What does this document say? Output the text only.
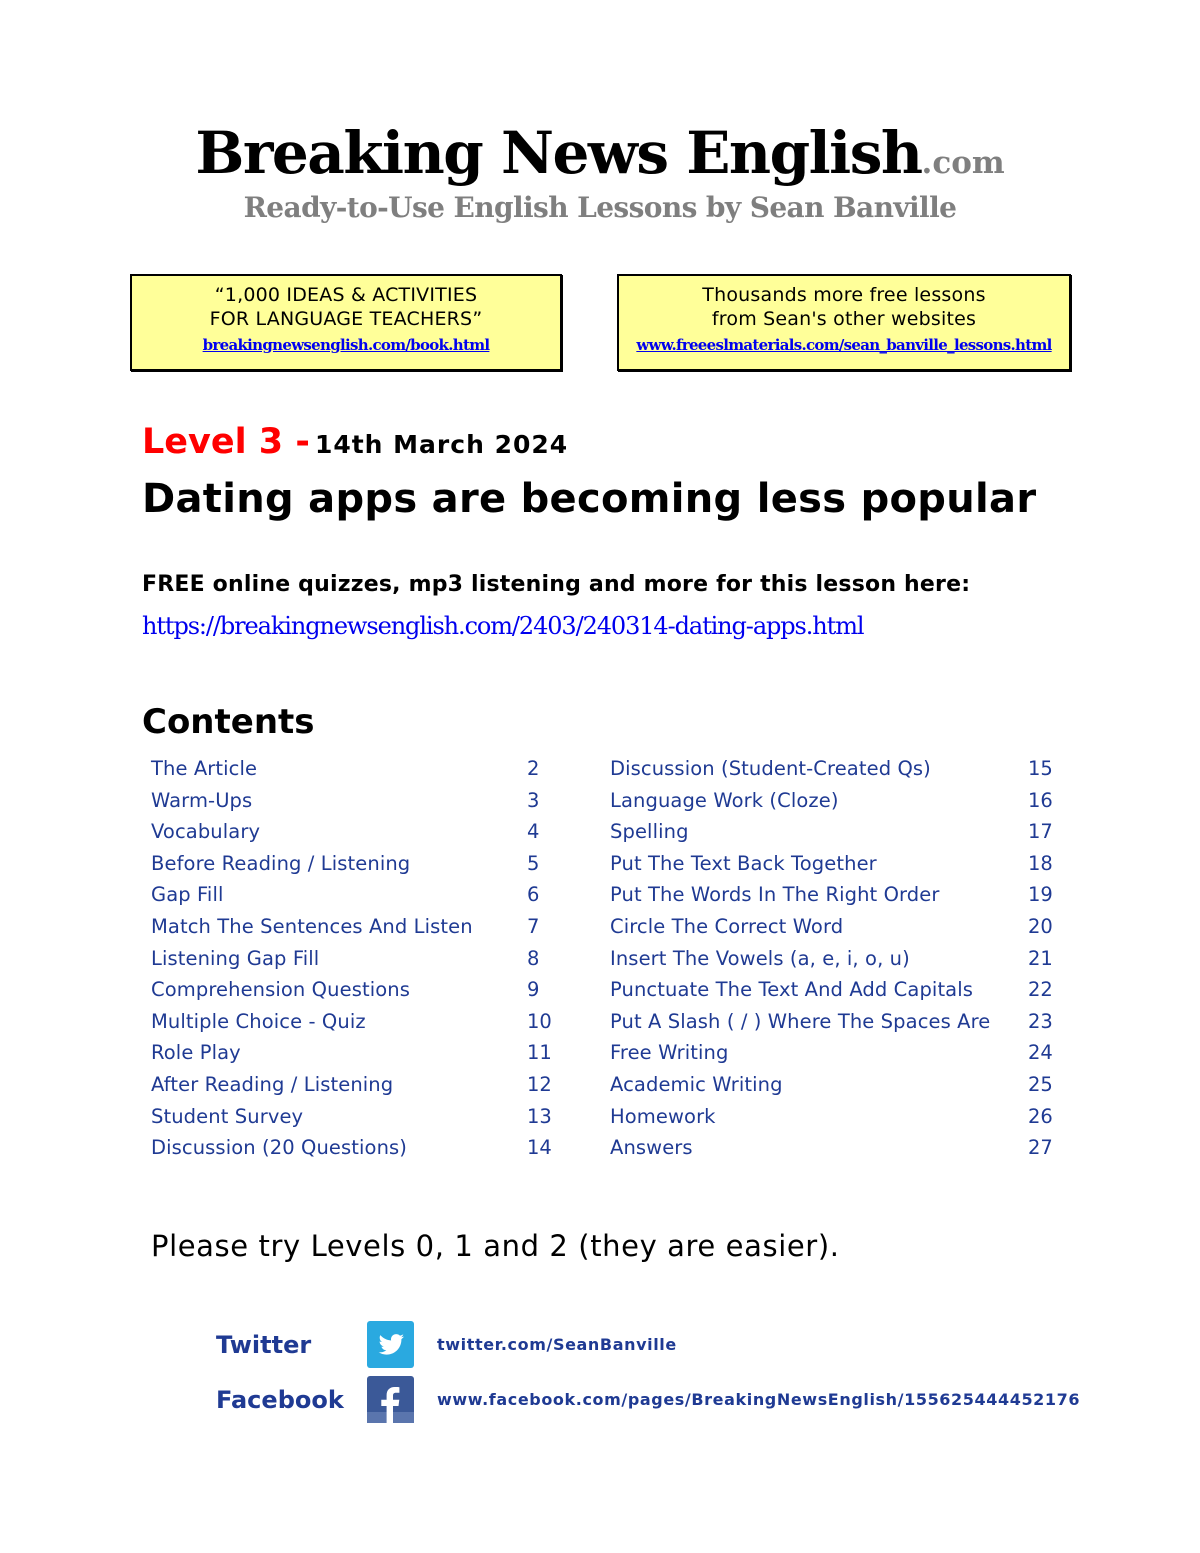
Breaking News English.com
Ready-to-Use English Lessons by Sean Banville
“1,000 IDEAS & ACTIVITIES
FOR LANGUAGE TEACHERS”
breakingnewsenglish.com/book.html
Thousands more free lessons
from Sean's other websites
www.freeeslmaterials.com/sean_banville_lessons.html
Level 3 - 14th March 2024
Dating apps are becoming less popular
FREE online quizzes, mp3 listening and more for this lesson here:
https://breakingnewsenglish.com/2403/240314-dating-apps.html
Contents
The Article	2
Warm-Ups	3
Vocabulary	4
Before Reading / Listening	5
Gap Fill	6
Match The Sentences And Listen	7
Listening Gap Fill	8
Comprehension Questions	9
Multiple Choice - Quiz	10
Role Play	11
After Reading / Listening	12
Student Survey	13
Discussion (20 Questions)	14
Discussion (Student-Created Qs)	15
Language Work (Cloze)	16
Spelling	17
Put The Text Back Together	18
Put The Words In The Right Order	19
Circle The Correct Word	20
Insert The Vowels (a, e, i, o, u)	21
Punctuate The Text And Add Capitals	22
Put A Slash ( / ) Where The Spaces Are 23
Free Writing	24
Academic Writing	25
Homework	26
Answers	27
Please try Levels 0, 1 and 2 (they are easier).
Twitter	twitter.com/SeanBanville
Facebook	www.facebook.com/pages/BreakingNewsEnglish/155625444452176
